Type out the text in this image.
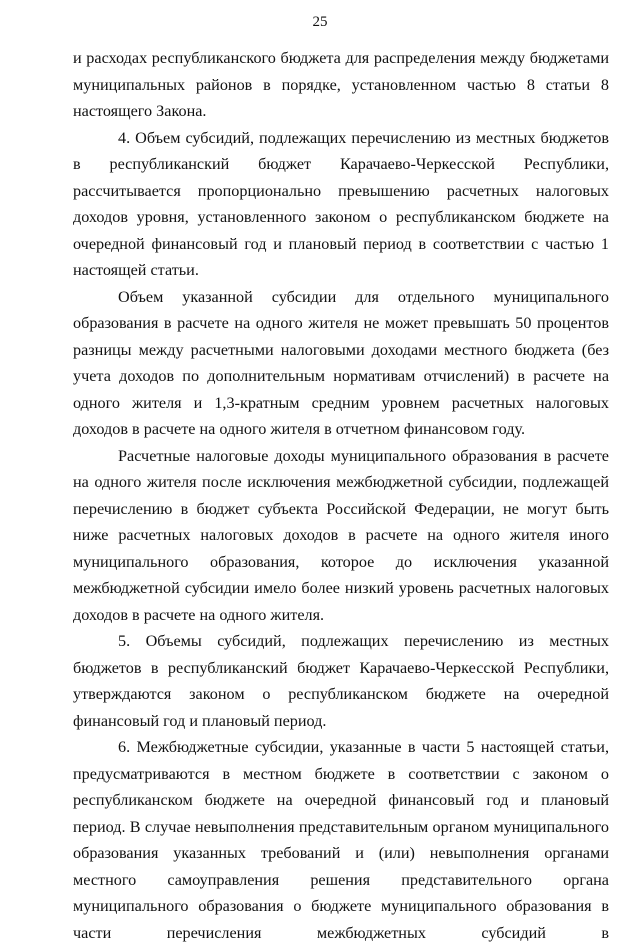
25

и расходах республиканского бюджета для распределения между бюджетами муниципальных районов в порядке, установленном частью 8 статьи 8 настоящего Закона.

4. Объем субсидий, подлежащих перечислению из местных бюджетов в республиканский бюджет Карачаево-Черкесской Республики, рассчитывается пропорционально превышению расчетных налоговых доходов уровня, установленного законом о республиканском бюджете на очередной финансовый год и плановый период в соответствии с частью 1 настоящей статьи.

Объем указанной субсидии для отдельного муниципального образования в расчете на одного жителя не может превышать 50 процентов разницы между расчетными налоговыми доходами местного бюджета (без учета доходов по дополнительным нормативам отчислений) в расчете на одного жителя и 1,3-кратным средним уровнем расчетных налоговых доходов в расчете на одного жителя в отчетном финансовом году.

Расчетные налоговые доходы муниципального образования в расчете на одного жителя после исключения межбюджетной субсидии, подлежащей перечислению в бюджет субъекта Российской Федерации, не могут быть ниже расчетных налоговых доходов в расчете на одного жителя иного муниципального образования, которое до исключения указанной межбюджетной субсидии имело более низкий уровень расчетных налоговых доходов в расчете на одного жителя.

5. Объемы субсидий, подлежащих перечислению из местных бюджетов в республиканский бюджет Карачаево-Черкесской Республики, утверждаются законом о республиканском бюджете на очередной финансовый год и плановый период.

6. Межбюджетные субсидии, указанные в части 5 настоящей статьи, предусматриваются в местном бюджете в соответствии с законом о республиканском бюджете на очередной финансовый год и плановый период. В случае невыполнения представительным органом муниципального образования указанных требований и (или) невыполнения органами местного самоуправления решения представительного органа муниципального образования о бюджете муниципального образования в части перечисления межбюджетных субсидий в
